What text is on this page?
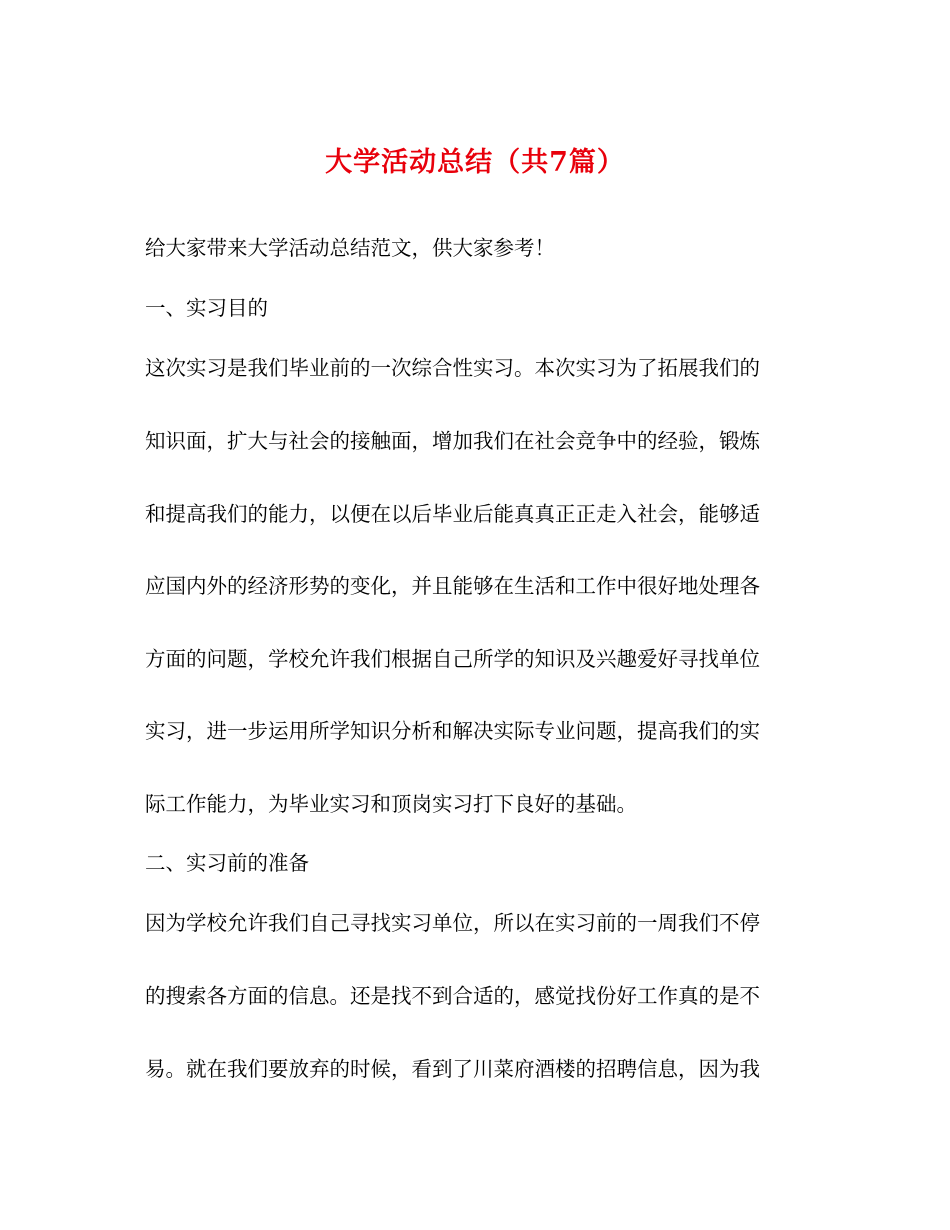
大学活动总结（共7篇）
给大家带来大学活动总结范文，供大家参考！
一、实习目的
这次实习是我们毕业前的一次综合性实习。本次实习为了拓展我们的
知识面，扩大与社会的接触面，增加我们在社会竞争中的经验，锻炼
和提高我们的能力，以便在以后毕业后能真真正正走入社会，能够适
应国内外的经济形势的变化，并且能够在生活和工作中很好地处理各
方面的问题，学校允许我们根据自己所学的知识及兴趣爱好寻找单位
实习，进一步运用所学知识分析和解决实际专业问题，提高我们的实
际工作能力，为毕业实习和顶岗实习打下良好的基础。
二、实习前的准备
因为学校允许我们自己寻找实习单位，所以在实习前的一周我们不停
的搜索各方面的信息。还是找不到合适的，感觉找份好工作真的是不
易。就在我们要放弃的时候，看到了川菜府酒楼的招聘信息，因为我
